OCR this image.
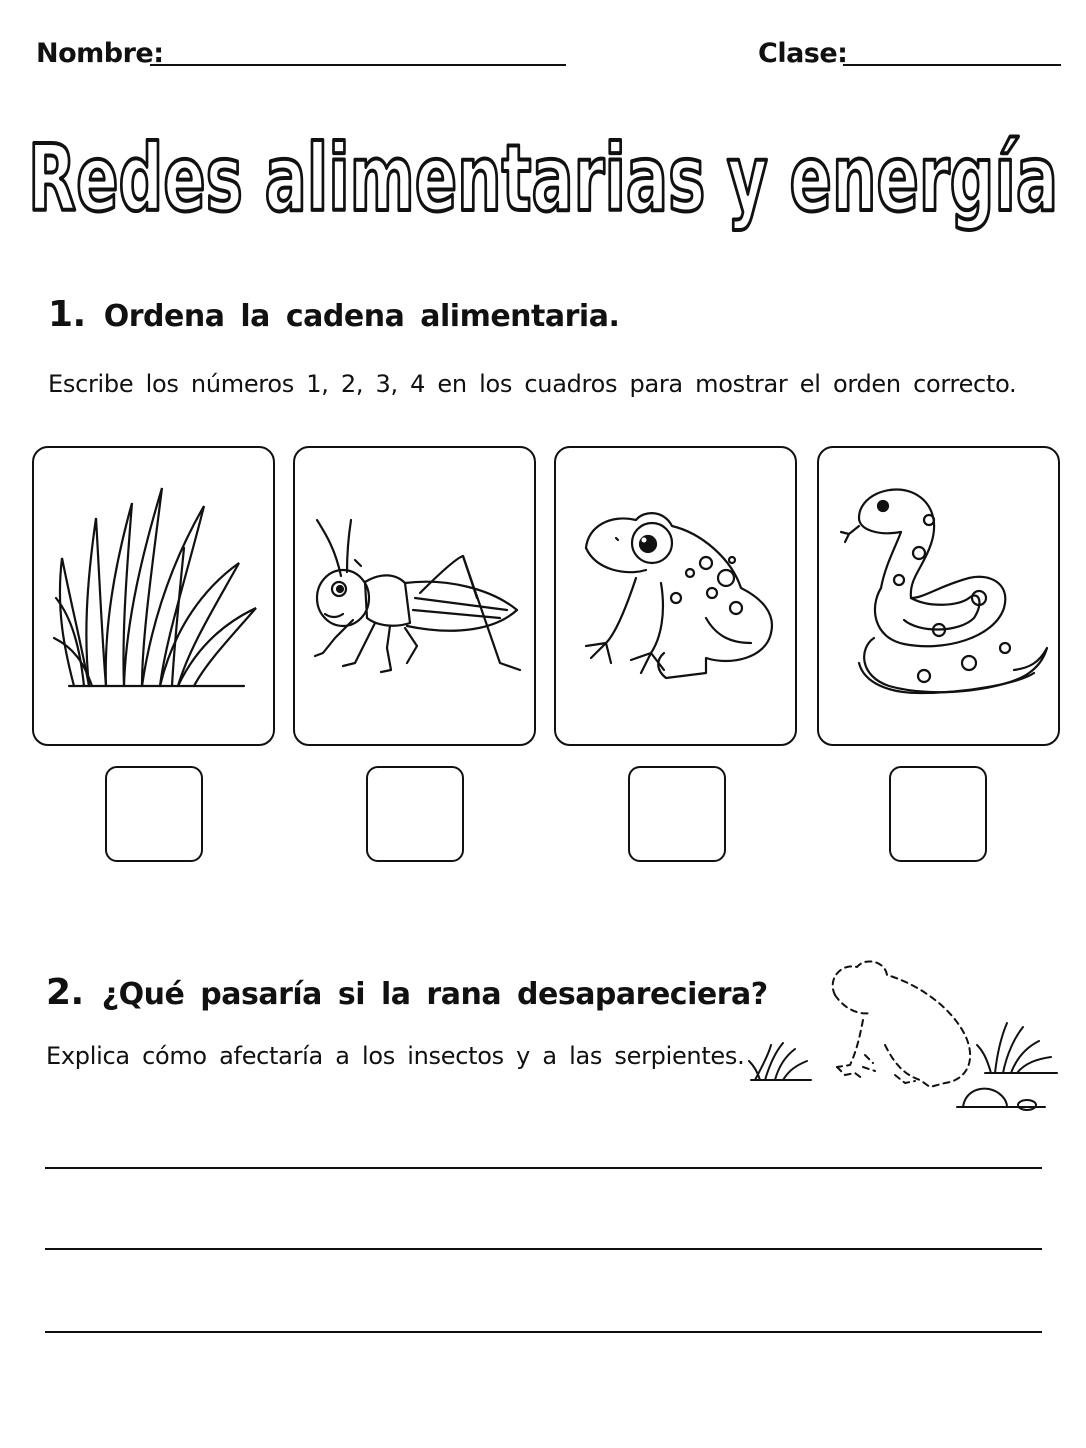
Nombre:	Clase:
Redes alimentarias y energía
1. Ordena la cadena alimentaria.
Escribe los números 1, 2, 3, 4 en los cuadros para mostrar el orden correcto.
2. ¿Qué pasaría si la rana desapareciera?
Explica cómo afectaría a los insectos y a las serpientes.
